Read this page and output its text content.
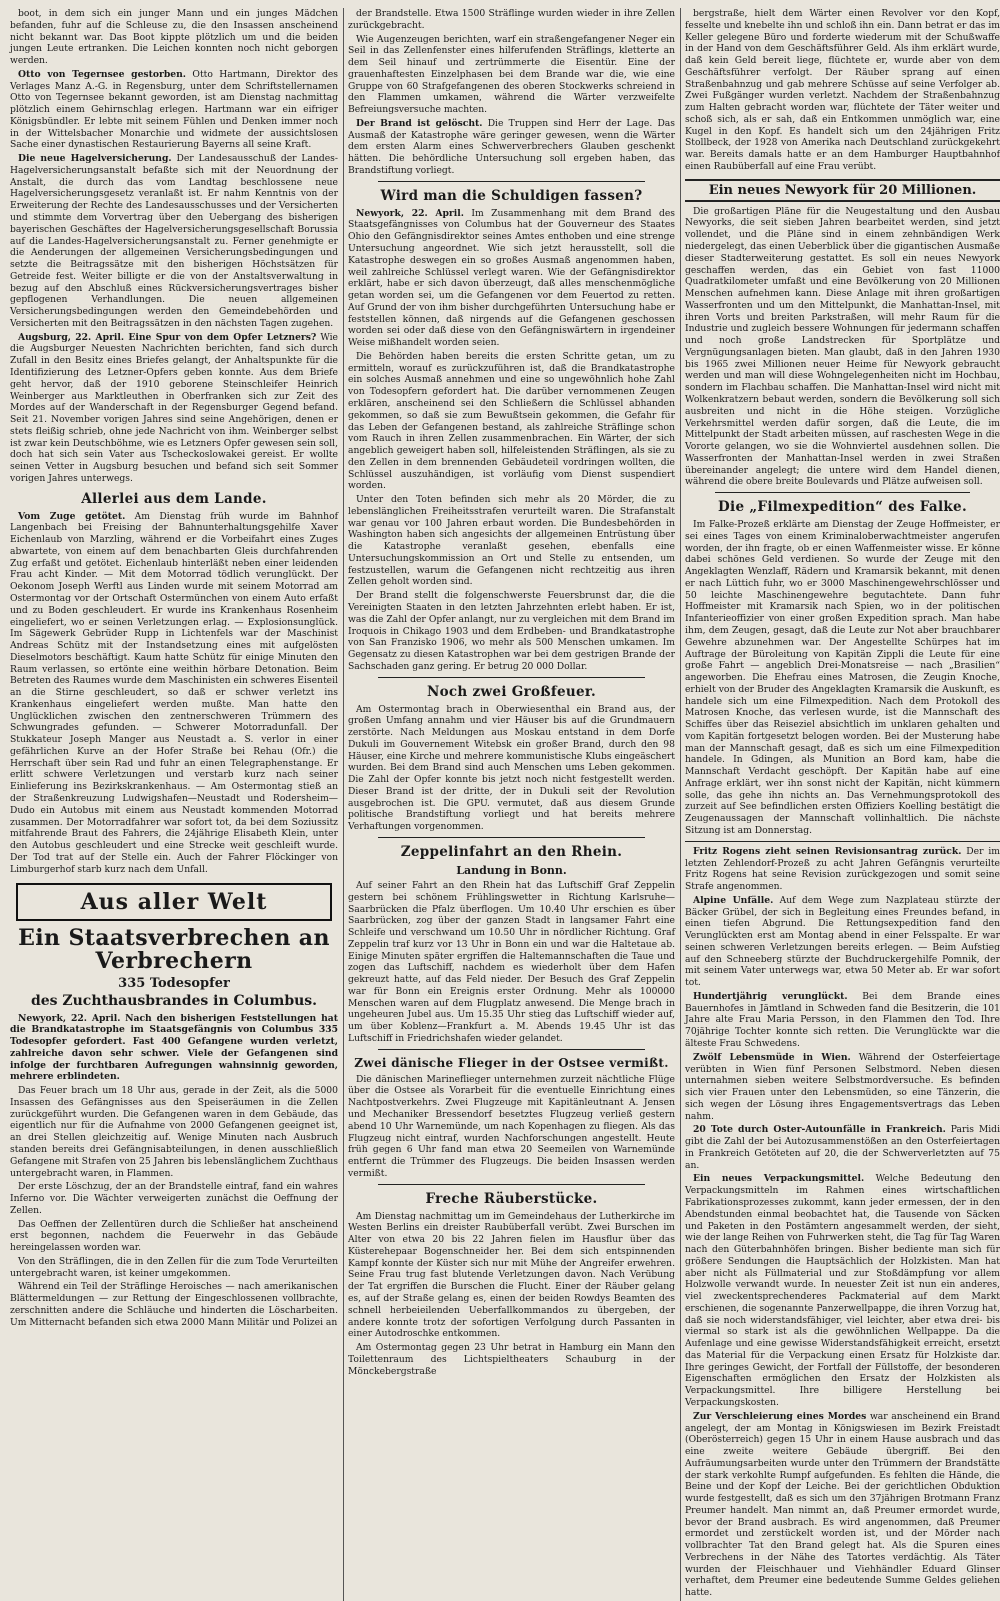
boot, in dem sich ein junger Mann und ein junges Mädchen befanden, fuhr auf die Schleuse zu, die den Insassen anscheinend nicht bekannt war. Das Boot kippte plötzlich um und die beiden jungen Leute ertranken. Die Leichen konnten noch nicht geborgen werden.

Otto von Tegernsee gestorben. Otto Hartmann, Direktor des Verlages Manz A.-G. in Regensburg, unter dem Schriftstellernamen Otto von Tegernsee bekannt geworden, ist am Dienstag nachmittag plötzlich einem Gehirnschlag erlegen. Hartmann war ein eifriger Königsbündler. Er lebte mit seinem Fühlen und Denken immer noch in der Wittelsbacher Monarchie und widmete der aussichtslosen Sache einer dynastischen Restaurierung Bayerns all seine Kraft.

Die neue Hagelversicherung. Der Landesausschuß der Landes-Hagelversicherungsanstalt befaßte sich mit der Neuordnung der Anstalt, die durch das vom Landtag beschlossene neue Hagelversicherungsgesetz veranlaßt ist. Er nahm Kenntnis von der Erweiterung der Rechte des Landesausschusses und der Versicherten und stimmte dem Vorvertrag über den Uebergang des bisherigen bayerischen Geschäftes der Hagelversicherungsgesellschaft Borussia auf die Landes-Hagelversicherungsanstalt zu. Ferner genehmigte er die Aenderungen der allgemeinen Versicherungsbedingungen und setzte die Beitragssätze mit den bisherigen Höchstsätzen für Getreide fest. Weiter billigte er die von der Anstaltsverwaltung in bezug auf den Abschluß eines Rückversicherungsvertrages bisher gepflogenen Verhandlungen. Die neuen allgemeinen Versicherungsbedingungen werden den Gemeindebehörden und Versicherten mit den Beitragssätzen in den nächsten Tagen zugehen.

Augsburg, 22. April. Eine Spur von dem Opfer Letzners? Wie die Augsburger Neuesten Nachrichten berichten, fand sich durch Zufall in den Besitz eines Briefes gelangt, der Anhaltspunkte für die Identifizierung des Letzner-Opfers geben konnte. Aus dem Briefe geht hervor, daß der 1910 geborene Steinschleifer Heinrich Weinberger aus Marktleuthen in Oberfranken sich zur Zeit des Mordes auf der Wanderschaft in der Regensburger Gegend befand. Seit 21. November vorigen Jahres sind seine Angehörigen, denen er stets fleißig schrieb, ohne jede Nachricht von ihm. Weinberger selbst ist zwar kein Deutschböhme, wie es Letzners Opfer gewesen sein soll, doch hat sich sein Vater aus Tscheckoslowakei gereist. Er wollte seinen Vetter in Augsburg besuchen und befand sich seit Sommer vorigen Jahres unterwegs.

Allerlei aus dem Lande.

Vom Zuge getötet. Am Dienstag früh wurde im Bahnhof Langenbach bei Freising der Bahnunterhaltungsgehilfe Xaver Eichenlaub von Marzling, während er die Vorbeifahrt eines Zuges abwartete, von einem auf dem benachbarten Gleis durchfahrenden Zug erfaßt und getötet. Eichenlaub hinterläßt neben einer leidenden Frau acht Kinder. — Mit dem Motorrad tödlich verunglückt. Der Oekonom Joseph Werftl aus Linden wurde mit seinem Motorrad am Ostermontag vor der Ortschaft Ostermünchen von einem Auto erfaßt und zu Boden geschleudert. Er wurde ins Krankenhaus Rosenheim eingeliefert, wo er seinen Verletzungen erlag. — Explosionsunglück. Im Sägewerk Gebrüder Rupp in Lichtenfels war der Maschinist Andreas Schütz mit der Instandsetzung eines mit aufgelösten Dieselmotors beschäftigt. Kaum hatte Schütz für einige Minuten den Raum verlassen, so ertönte eine weithin hörbare Detonation. Beim Betreten des Raumes wurde dem Maschinisten ein schweres Eisenteil an die Stirne geschleudert, so daß er schwer verletzt ins Krankenhaus eingeliefert werden mußte. Man hatte den Unglücklichen zwischen den zentnerschweren Trümmern des Schwungrades gefunden. — Schwerer Motorradunfall. Der Stukkateur Joseph Manger aus Neustadt a. S. verlor in einer gefährlichen Kurve an der Hofer Straße bei Rehau (Ofr.) die Herrschaft über sein Rad und fuhr an einen Telegraphenstange. Er erlitt schwere Verletzungen und verstarb kurz nach seiner Einlieferung ins Bezirkskrankenhaus. — Am Ostermontag stieß an der Straßenkreuzung Ludwigshafen—Neustadt und Rodersheim—Dudo ein Autobus mit einem aus Neustadt kommenden Motorrad zusammen. Der Motorradfahrer war sofort tot, da bei dem Soziussitz mitfahrende Braut des Fahrers, die 24jährige Elisabeth Klein, unter den Autobus geschleudert und eine Strecke weit geschleift wurde. Der Tod trat auf der Stelle ein. Auch der Fahrer Flöckinger von Limburgerhof starb kurz nach dem Unfall.

Aus aller Welt
Ein Staatsverbrechen an Verbrechern
335 Todesopfer
des Zuchthausbrandes in Columbus.

Newyork, 22. April. Nach den bisherigen Feststellungen hat die Brandkatastrophe im Staatsgefängnis von Columbus 335 Todesopfer gefordert. Fast 400 Gefangene wurden verletzt, zahlreiche davon sehr schwer. Viele der Gefangenen sind infolge der furchtbaren Aufregungen wahnsinnig geworden, mehrere erblindeten.

Das Feuer brach um 18 Uhr aus, gerade in der Zeit, als die 5000 Insassen des Gefängnisses aus den Speiseräumen in die Zellen zurückgeführt wurden. Die Gefangenen waren in dem Gebäude, das eigentlich nur für die Aufnahme von 2000 Gefangenen geeignet ist, an drei Stellen gleichzeitig auf. Wenige Minuten nach Ausbruch standen bereits drei Gefängnisabteilungen, in denen ausschließlich Gefangene mit Strafen von 25 Jahren bis lebenslänglichem Zuchthaus untergebracht waren, in Flammen.

Der erste Löschzug, der an der Brandstelle eintraf, fand ein wahres Inferno vor. Die Wächter verweigerten zunächst die Oeffnung der Zellen.

Das Oeffnen der Zellentüren durch die Schließer hat anscheinend erst begonnen, nachdem die Feuerwehr in das Gebäude hereingelassen worden war.

Von den Sträflingen, die in den Zellen für die zum Tode Verurteilten untergebracht waren, ist keiner umgekommen.

Während ein Teil der Sträflinge Heroisches — nach amerikanischen Blättermeldungen — zur Rettung der Eingeschlossenen vollbrachte, zerschnitten andere die Schläuche und hinderten die Löscharbeiten. Um Mitternacht befanden sich etwa 2000 Mann Militär und Polizei an

der Brandstelle. Etwa 1500 Sträflinge wurden wieder in ihre Zellen zurückgebracht.

Wie Augenzeugen berichten, warf ein straßengefangener Neger ein Seil in das Zellenfenster eines hilferufenden Sträflings, kletterte an dem Seil hinauf und zertrümmerte die Eisentür. Eine der grauenhaftesten Einzelphasen bei dem Brande war die, wie eine Gruppe von 60 Strafgefangenen des oberen Stockwerks schreiend in den Flammen umkamen, während die Wärter verzweifelte Befreiungsversuche machten.

Der Brand ist gelöscht. Die Truppen sind Herr der Lage. Das Ausmaß der Katastrophe wäre geringer gewesen, wenn die Wärter dem ersten Alarm eines Schwerverbrechers Glauben geschenkt hätten. Die behördliche Untersuchung soll ergeben haben, das Brandstiftung vorliegt.

Wird man die Schuldigen fassen?

Newyork, 22. April. Im Zusammenhang mit dem Brand des Staatsgefängnisses von Columbus hat der Gouverneur des Staates Ohio den Gefängnisdirektor seines Amtes enthoben und eine strenge Untersuchung angeordnet. Wie sich jetzt herausstellt, soll die Katastrophe deswegen ein so großes Ausmaß angenommen haben, weil zahlreiche Schlüssel verlegt waren. Wie der Gefängnisdirektor erklärt, habe er sich davon überzeugt, daß alles menschenmögliche getan worden sei, um die Gefangenen vor dem Feuertod zu retten. Auf Grund der von ihm bisher durchgeführten Untersuchung habe er feststellen können, daß nirgends auf die Gefangenen geschossen worden sei oder daß diese von den Gefängniswärtern in irgendeiner Weise mißhandelt worden seien.

Die Behörden haben bereits die ersten Schritte getan, um zu ermitteln, worauf es zurückzuführen ist, daß die Brandkatastrophe ein solches Ausmaß annehmen und eine so ungewöhnlich hohe Zahl von Todesopfern gefordert hat. Die darüber vernommenen Zeugen erklären, anscheinend sei den Schließern die Schlüssel abhanden gekommen, so daß sie zum Bewußtsein gekommen, die Gefahr für das Leben der Gefangenen bestand, als zahlreiche Sträflinge schon vom Rauch in ihren Zellen zusammenbrachen. Ein Wärter, der sich angeblich geweigert haben soll, hilfeleistenden Sträflingen, als sie zu den Zellen in dem brennenden Gebäudeteil vordringen wollten, die Schlüssel auszuhändigen, ist vorläufig vom Dienst suspendiert worden.

Unter den Toten befinden sich mehr als 20 Mörder, die zu lebenslänglichen Freiheitsstrafen verurteilt waren. Die Strafanstalt war genau vor 100 Jahren erbaut worden. Die Bundesbehörden in Washington haben sich angesichts der allgemeinen Entrüstung über die Katastrophe veranlaßt gesehen, ebenfalls eine Untersuchungskommission an Ort und Stelle zu entsenden, um festzustellen, warum die Gefangenen nicht rechtzeitig aus ihren Zellen geholt worden sind.

Der Brand stellt die folgenschwerste Feuersbrunst dar, die die Vereinigten Staaten in den letzten Jahrzehnten erlebt haben. Er ist, was die Zahl der Opfer anlangt, nur zu vergleichen mit dem Brand im Iroquois in Chikago 1903 und dem Erdbeben- und Brandkatastrophe von San Franzisko 1906, wo mehr als 500 Menschen umkamen. Im Gegensatz zu diesen Katastrophen war bei dem gestrigen Brande der Sachschaden ganz gering. Er betrug 20 000 Dollar.

Noch zwei Großfeuer.

Am Ostermontag brach in Oberwiesenthal ein Brand aus, der großen Umfang annahm und vier Häuser bis auf die Grundmauern zerstörte. Nach Meldungen aus Moskau entstand in dem Dorfe Dukuli im Gouvernement Witebsk ein großer Brand, durch den 98 Häuser, eine Kirche und mehrere kommunistische Klubs eingeäschert wurden. Bei dem Brand sind auch Menschen ums Leben gekommen. Die Zahl der Opfer konnte bis jetzt noch nicht festgestellt werden. Dieser Brand ist der dritte, der in Dukuli seit der Revolution ausgebrochen ist. Die GPU. vermutet, daß aus diesem Grunde politische Brandstiftung vorliegt und hat bereits mehrere Verhaftungen vorgenommen.

Zeppelinfahrt an den Rhein.
Landung in Bonn.

Auf seiner Fahrt an den Rhein hat das Luftschiff Graf Zeppelin gestern bei schönem Frühlingswetter in Richtung Karlsruhe—Saarbrücken die Pfalz überflogen. Um 10.40 Uhr erschien es über Saarbrücken, zog über der ganzen Stadt in langsamer Fahrt eine Schleife und verschwand um 10.50 Uhr in nördlicher Richtung. Graf Zeppelin traf kurz vor 13 Uhr in Bonn ein und war die Haltetaue ab. Einige Minuten später ergriffen die Haltemannschaften die Taue und zogen das Luftschiff, nachdem es wiederholt über dem Hafen gekreuzt hatte, auf das Feld nieder. Der Besuch des Graf Zeppelin war für Bonn ein Ereignis erster Ordnung. Mehr als 100000 Menschen waren auf dem Flugplatz anwesend. Die Menge brach in ungeheuren Jubel aus. Um 15.35 Uhr stieg das Luftschiff wieder auf, um über Koblenz—Frankfurt a. M. Abends 19.45 Uhr ist das Luftschiff in Friedrichshafen wieder gelandet.

Zwei dänische Flieger in der Ostsee vermißt.

Die dänischen Marineflieger unternehmen zurzeit nächtliche Flüge über die Ostsee als Vorarbeit für die eventuelle Einrichtung eines Nachtpostverkehrs. Zwei Flugzeuge mit Kapitänleutnant A. Jensen und Mechaniker Bressendorf besetztes Flugzeug verließ gestern abend 10 Uhr Warnemünde, um nach Kopenhagen zu fliegen. Als das Flugzeug nicht eintraf, wurden Nachforschungen angestellt. Heute früh gegen 6 Uhr fand man etwa 20 Seemeilen von Warnemünde entfernt die Trümmer des Flugzeugs. Die beiden Insassen werden vermißt.

Freche Räuberstücke.

Am Dienstag nachmittag um im Gemeindehaus der Lutherkirche im Westen Berlins ein dreister Raubüberfall verübt. Zwei Burschen im Alter von etwa 20 bis 22 Jahren fielen im Hausflur über das Küsterehepaar Bogenschneider her. Bei dem sich entspinnenden Kampf konnte der Küster sich nur mit Mühe der Angreifer erwehren. Seine Frau trug fast blutende Verletzungen davon. Nach Verübung der Tat ergriffen die Burschen die Flucht. Einer der Räuber gelang es, auf der Straße gelang es, einen der beiden Rowdys Beamten des schnell herbeieilenden Ueberfallkommandos zu übergeben, der andere konnte trotz der sofortigen Verfolgung durch Passanten in einer Autodroschke entkommen.

Am Ostermontag gegen 23 Uhr betrat in Hamburg ein Mann den Toilettenraum des Lichtspieltheaters Schauburg in der Mönckebergstraße

bergstraße, hielt dem Wärter einen Revolver vor den Kopf, fesselte und knebelte ihn und schloß ihn ein. Dann betrat er das im Keller gelegene Büro und forderte wiederum mit der Schußwaffe in der Hand von dem Geschäftsführer Geld. Als ihm erklärt wurde, daß kein Geld bereit liege, flüchtete er, wurde aber von dem Geschäftsführer verfolgt. Der Räuber sprang auf einen Straßenbahnzug und gab mehrere Schüsse auf seine Verfolger ab. Zwei Fußgänger wurden verletzt. Nachdem der Straßenbahnzug zum Halten gebracht worden war, flüchtete der Täter weiter und schoß sich, als er sah, daß ein Entkommen unmöglich war, eine Kugel in den Kopf. Es handelt sich um den 24jährigen Fritz Stollbeck, der 1928 von Amerika nach Deutschland zurückgekehrt war. Bereits damals hatte er an dem Hamburger Hauptbahnhof einen Raubüberfall auf eine Frau verübt.

Ein neues Newyork für 20 Millionen.

Die großartigen Pläne für die Neugestaltung und den Ausbau Newyorks, die seit sieben Jahren bearbeitet werden, sind jetzt vollendet, und die Pläne sind in einem zehnbändigen Werk niedergelegt, das einen Ueberblick über die gigantischen Ausmaße dieser Stadterweiterung gestattet. Es soll ein neues Newyork geschaffen werden, das ein Gebiet von fast 11000 Quadratkilometer umfaßt und eine Bevölkerung von 20 Millionen Menschen aufnehmen kann. Diese Anlage mit ihren großartigen Wasserfronten und um den Mittelpunkt, die Manhattan-Insel, mit ihren Vorts und breiten Parkstraßen, will mehr Raum für die Industrie und zugleich bessere Wohnungen für jedermann schaffen und noch große Landstrecken für Sportplätze und Vergnügungsanlagen bieten. Man glaubt, daß in den Jahren 1930 bis 1965 zwei Millionen neuer Heime für Newyork gebraucht werden und man will diese Wohngelegenheiten nicht im Hochbau, sondern im Flachbau schaffen. Die Manhattan-Insel wird nicht mit Wolkenkratzern bebaut werden, sondern die Bevölkerung soll sich ausbreiten und nicht in die Höhe steigen. Vorzügliche Verkehrsmittel werden dafür sorgen, daß die Leute, die im Mittelpunkt der Stadt arbeiten müssen, auf raschesten Wege in die Vororte gelangen, wo sie die Wohnviertel ausdehnen sollen. Die Wasserfronten der Manhattan-Insel werden in zwei Straßen übereinander angelegt; die untere wird dem Handel dienen, während die obere breite Boulevards und Plätze aufweisen soll.

Die „Filmexpedition“ des Falke.

Im Falke-Prozeß erklärte am Dienstag der Zeuge Hoffmeister, er sei eines Tages von einem Kriminaloberwachtmeister angerufen worden, der ihn fragte, ob er einen Waffenmeister wisse. Er könne dabei schönes Geld verdienen. So wurde der Zeuge mit den Angeklagten Wenzlaff, Rädern und Kramarsik bekannt, mit denen er nach Lüttich fuhr, wo er 3000 Maschinengewehrschlösser und 50 leichte Maschinengewehre begutachtete. Dann fuhr Hoffmeister mit Kramarsik nach Spien, wo in der politischen Infanterieoffizier von einer großen Expedition sprach. Man habe ihm, dem Zeugen, gesagt, daß die Leute zur Not aber brauchbarer Gewehre abzunehmen war. Der Angestellte Schürpes hat im Auftrage der Büroleitung von Kapitän Zippli die Leute für eine große Fahrt — angeblich Drei-Monatsreise — nach „Brasilien“ angeworben. Die Ehefrau eines Matrosen, die Zeugin Knoche, erhielt von der Bruder des Angeklagten Kramarsik die Auskunft, es handele sich um eine Filmexpedition. Nach dem Protokoll des Matrosen Knoche, das verlesen wurde, ist die Mannschaft des Schiffes über das Reiseziel absichtlich im unklaren gehalten und vom Kapitän fortgesetzt belogen worden. Bei der Musterung habe man der Mannschaft gesagt, daß es sich um eine Filmexpedition handele. In Gdingen, als Munition an Bord kam, habe die Mannschaft Verdacht geschöpft. Der Kapitän habe auf eine Anfrage erklärt, wer ihn sonst nicht der Kapitän, nicht kümmern solle, das gehe ihn nichts an. Das Vernehmungsprotokoll des zurzeit auf See befindlichen ersten Offiziers Koelling bestätigt die Zeugenaussagen der Mannschaft vollinhaltlich. Die nächste Sitzung ist am Donnerstag.

Fritz Rogens zieht seinen Revisionsantrag zurück. Der im letzten Zehlendorf-Prozeß zu acht Jahren Gefängnis verurteilte Fritz Rogens hat seine Revision zurückgezogen und somit seine Strafe angenommen.

Alpine Unfälle. Auf dem Wege zum Nazplateau stürzte der Bäcker Grübel, der sich in Begleitung eines Freundes befand, in einen tiefen Abgrund. Die Rettungsexpedition fand den Verunglückten erst am Montag abend in einer Felsspalte. Er war seinen schweren Verletzungen bereits erlegen. — Beim Aufstieg auf den Schneeberg stürzte der Buchdruckergehilfe Pomnik, der mit seinem Vater unterwegs war, etwa 50 Meter ab. Er war sofort tot.

Hundertjährig verunglückt. Bei dem Brande eines Bauernhofes in Jämtland in Schweden fand die Besitzerin, die 101 Jahre alte Frau Maria Persson, in den Flammen den Tod. Ihre 70jährige Tochter konnte sich retten. Die Verunglückte war die älteste Frau Schwedens.

Zwölf Lebensmüde in Wien. Während der Osterfeiertage verübten in Wien fünf Personen Selbstmord. Neben diesen unternahmen sieben weitere Selbstmordversuche. Es befinden sich vier Frauen unter den Lebensmüden, so eine Tänzerin, die sich wegen der Lösung ihres Engagementsvertrags das Leben nahm.

20 Tote durch Oster-Autounfälle in Frankreich. Paris Midi gibt die Zahl der bei Autozusammenstößen an den Osterfeiertagen in Frankreich Getöteten auf 20, die der Schwerverletzten auf 75 an.

Ein neues Verpackungsmittel. Welche Bedeutung den Verpackungsmitteln im Rahmen eines wirtschaftlichen Fabrikationsprozesses zukommt, kann jeder ermessen, der in den Abendstunden einmal beobachtet hat, die Tausende von Säcken und Paketen in den Postämtern angesammelt werden, der sieht, wie der lange Reihen von Fuhrwerken steht, die Tag für Tag Waren nach den Güterbahnhöfen bringen. Bisher bediente man sich für größere Sendungen die Hauptsächlich der Holzkisten. Man hat aber nicht als Füllmaterial und zur Stoßdämpfung vor allem Holzwolle verwandt wurde. In neuester Zeit ist nun ein anderes, viel zweckentsprechenderes Packmaterial auf dem Markt erschienen, die sogenannte Panzerwellpappe, die ihren Vorzug hat, daß sie noch widerstandsfähiger, viel leichter, aber etwa drei- bis viermal so stark ist als die gewöhnlichen Wellpappe. Da die Aufenlage und eine gewisse Widerstandsfähigkeit erreicht, ersetzt das Material für die Verpackung einen Ersatz für Holzkiste dar. Ihre geringes Gewicht, der Fortfall der Füllstoffe, der besonderen Eigenschaften ermöglichen den Ersatz der Holzkisten als Verpackungsmittel. Ihre billigere Herstellung bei Verpackungskosten.

Zur Verschleierung eines Mordes war anscheinend ein Brand angelegt, der am Montag in Königswiesen im Bezirk Freistadt (Oberösterreich) gegen 15 Uhr in einem Hause ausbrach und das eine zweite weitere Gebäude übergriff. Bei den Aufräumungsarbeiten wurde unter den Trümmern der Brandstätte der stark verkohlte Rumpf aufgefunden. Es fehlten die Hände, die Beine und der Kopf der Leiche. Bei der gerichtlichen Obduktion wurde festgestellt, daß es sich um den 37jährigen Brotmann Franz Preumer handelt. Man nimmt an, daß Preumer ermordet wurde, bevor der Brand ausbrach. Es wird angenommen, daß Preumer ermordet und zerstückelt worden ist, und der Mörder nach vollbrachter Tat den Brand gelegt hat. Als die Spuren eines Verbrechens in der Nähe des Tatortes verdächtig. Als Täter wurden der Fleischhauer und Viehhändler Eduard Glinser verhaftet, dem Preumer eine bedeutende Summe Geldes geliehen hatte.
